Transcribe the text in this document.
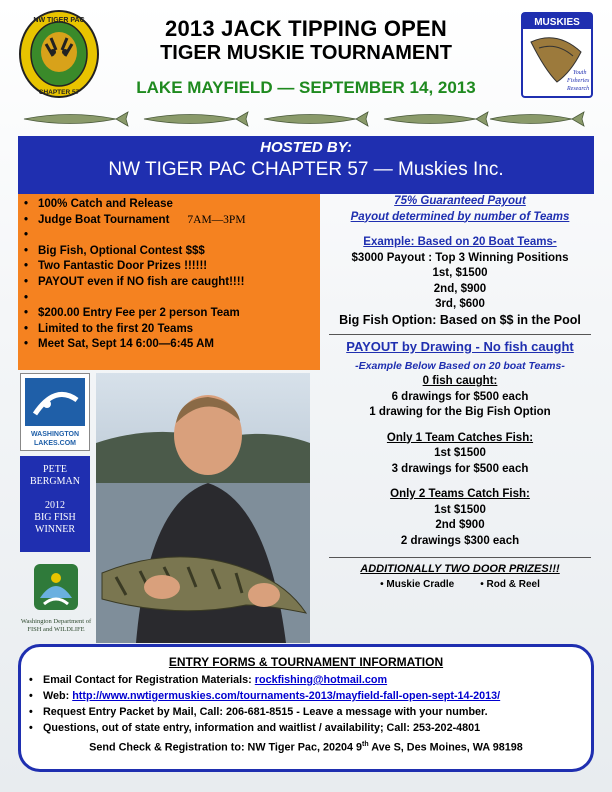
NW TIGER PAC
CHAPTER 57
MUSKIES
Youth
Fisheries
Research
2013 JACK TIPPING OPEN
TIGER MUSKIE TOURNAMENT
LAKE MAYFIELD — SEPTEMBER 14, 2013
HOSTED BY:
NW TIGER PAC CHAPTER 57 — Muskies Inc.
• 100% Catch and Release
• Judge Boat Tournament 7AM—3PM
•
• Big Fish, Optional Contest $$$
• Two Fantastic Door Prizes !!!!!!
• PAYOUT even if NO fish are caught!!!!
•
• $200.00 Entry Fee per 2 person Team
• Limited to the first 20 Teams
• Meet Sat, Sept 14 6:00—6:45 AM
75% Guaranteed Payout
Payout determined by number of Teams
Example: Based on 20 Boat Teams-
$3000 Payout : Top 3 Winning Positions
1st, $1500
2nd, $900
3rd, $600
Big Fish Option: Based on $$ in the Pool
PAYOUT by Drawing - No fish caught
-Example Below Based on 20 boat Teams-
0 fish caught:
6 drawings for $500 each
1 drawing for the Big Fish Option
Only 1 Team Catches Fish:
1st $1500
3 drawings for $500 each
Only 2 Teams Catch Fish:
1st $1500
2nd $900
2 drawings $300 each
ADDITIONALLY TWO DOOR PRIZES!!!
• Muskie Cradle	• Rod & Reel
WASHINGTON LAKES.COM
PETE BERGMAN
2012
BIG FISH WINNER
Washington Department of FISH and WILDLIFE
ENTRY FORMS & TOURNAMENT INFORMATION
• Email Contact for Registration Materials: rockfishing@hotmail.com
• Web: http://www.nwtigermuskies.com/tournaments-2013/mayfield-fall-open-sept-14-2013/
• Request Entry Packet by Mail, Call: 206-681-8515 - Leave a message with your number.
• Questions, out of state entry, information and waitlist / availability; Call: 253-202-4801
Send Check & Registration to: NW Tiger Pac, 20204 9th Ave S, Des Moines, WA 98198
